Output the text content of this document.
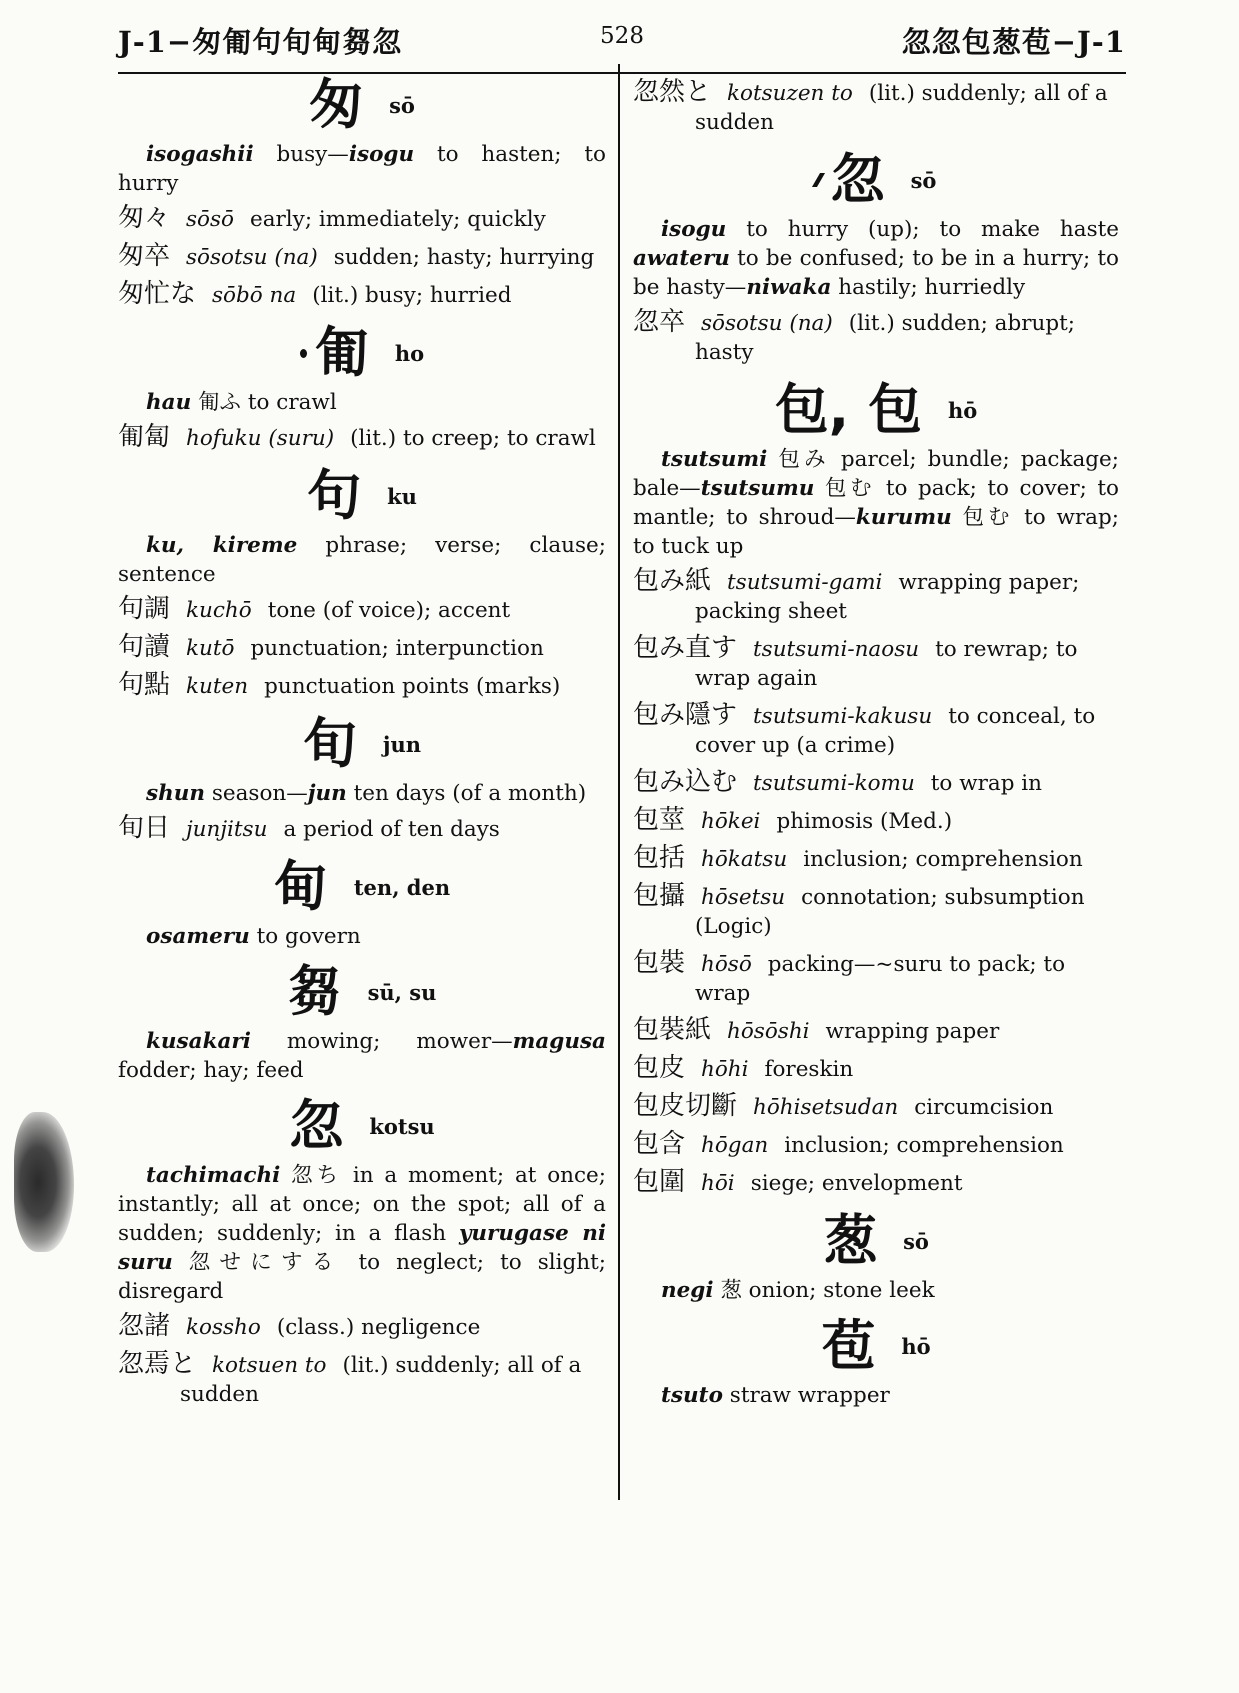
J-1−匆匍句旬甸芻忽	528	忽忽包葱苞−J-1
匆 sō
isogashii busy—isogu to hasten; to hurry
匆々 sōsō early; immediately; quickly
匆卒 sōsotsu (na) sudden; hasty; hurrying
匆忙な sōbō na (lit.) busy; hurried
匍 ho
hau 匍ふ to crawl
匍匐 hofuku (suru) (lit.) to creep; to crawl
句 ku
ku, kireme phrase; verse; clause; sentence
句調 kuchō tone (of voice); accent
句讀 kutō punctuation; interpunction
句點 kuten punctuation points (marks)
旬 jun
shun season—jun ten days (of a month)
旬日 junjitsu a period of ten days
甸 ten, den
osameru to govern
芻 sū, su
kusakari mowing; mower—magusa fodder; hay; feed
忽 kotsu
tachimachi 忽ち in a moment; at once; instantly; all at once; on the spot; all of a sudden; suddenly; in a flash yurugase ni suru 忽せにする to neglect; to slight; disregard
忽諸 kossho (class.) negligence
忽焉と kotsuen to (lit.) suddenly; all of a sudden
忽然と kotsuzen to (lit.) suddenly; all of a sudden
忽 sō
isogu to hurry (up); to make haste awateru to be confused; to be in a hurry; to be hasty—niwaka hastily; hurriedly
忽卒 sōsotsu (na) (lit.) sudden; abrupt; hasty
包, 包 hō
tsutsumi 包み parcel; bundle; package; bale—tsutsumu 包む to pack; to cover; to mantle; to shroud—kurumu 包む to wrap; to tuck up
包み紙 tsutsumi-gami wrapping paper; packing sheet
包み直す tsutsumi-naosu to rewrap; to wrap again
包み隱す tsutsumi-kakusu to conceal, to cover up (a crime)
包み込む tsutsumi-komu to wrap in
包莖 hōkei phimosis (Med.)
包括 hōkatsu inclusion; comprehension
包攝 hōsetsu connotation; subsumption (Logic)
包裝 hōsō packing—~suru to pack; to wrap
包裝紙 hōsōshi wrapping paper
包皮 hōhi foreskin
包皮切斷 hōhisetsudan circumcision
包含 hōgan inclusion; comprehension
包圍 hōi siege; envelopment
葱 sō
negi 葱 onion; stone leek
苞 hō
tsuto straw wrapper
